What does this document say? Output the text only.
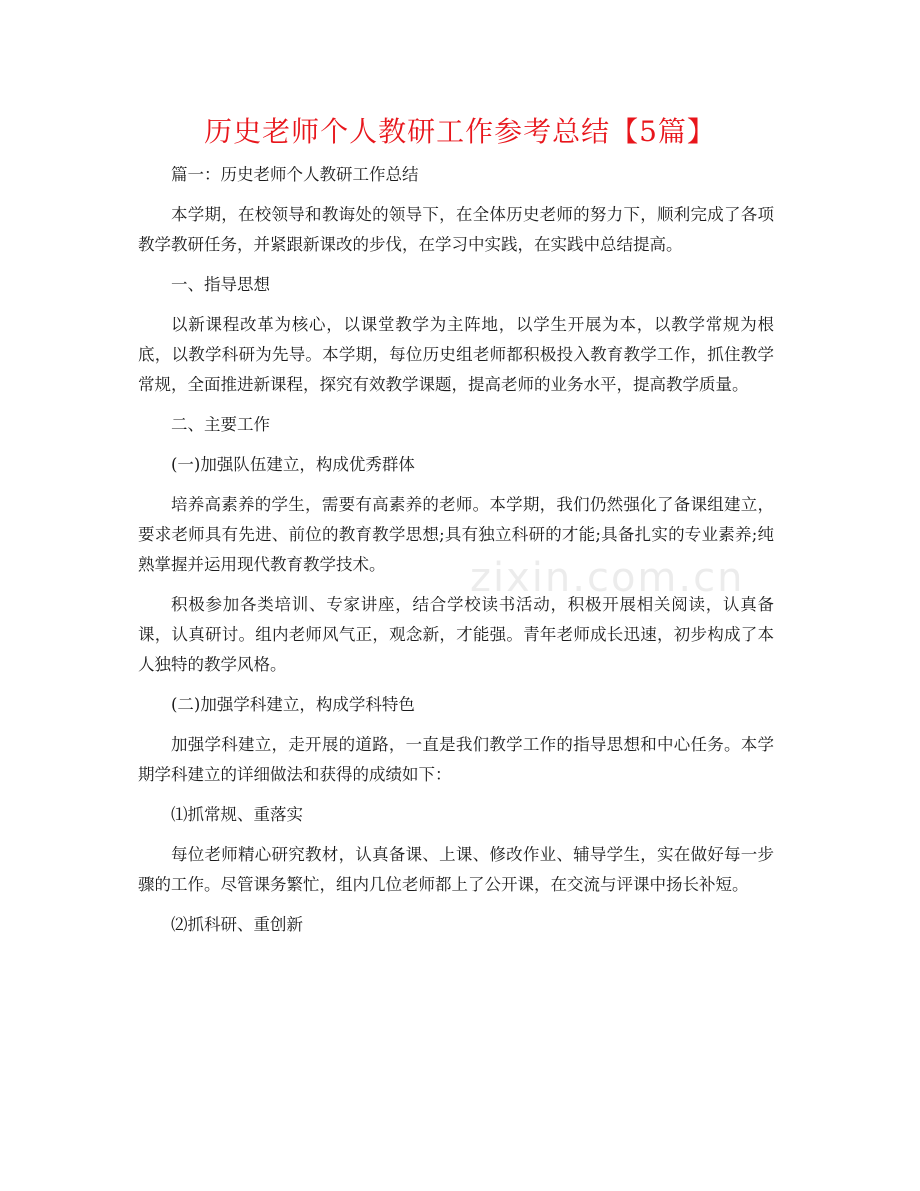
历史老师个人教研工作参考总结【5篇】
篇一：历史老师个人教研工作总结
本学期，在校领导和教诲处的领导下，在全体历史老师的努力下，顺利完成了各项教学教研任务，并紧跟新课改的步伐，在学习中实践，在实践中总结提高。
一、指导思想
以新课程改革为核心，以课堂教学为主阵地，以学生开展为本，以教学常规为根底，以教学科研为先导。本学期，每位历史组老师都积极投入教育教学工作，抓住教学常规，全面推进新课程，探究有效教学课题，提高老师的业务水平，提高教学质量。
二、主要工作
(一)加强队伍建立，构成优秀群体
培养高素养的学生，需要有高素养的老师。本学期，我们仍然强化了备课组建立，要求老师具有先进、前位的教育教学思想;具有独立科研的才能;具备扎实的专业素养;纯熟掌握并运用现代教育教学技术。
积极参加各类培训、专家讲座，结合学校读书活动，积极开展相关阅读，认真备课，认真研讨。组内老师风气正，观念新，才能强。青年老师成长迅速，初步构成了本人独特的教学风格。
(二)加强学科建立，构成学科特色
加强学科建立，走开展的道路，一直是我们教学工作的指导思想和中心任务。本学期学科建立的详细做法和获得的成绩如下：
⑴抓常规、重落实
每位老师精心研究教材，认真备课、上课、修改作业、辅导学生，实在做好每一步骤的工作。尽管课务繁忙，组内几位老师都上了公开课，在交流与评课中扬长补短。
⑵抓科研、重创新
zixin.com.cn
